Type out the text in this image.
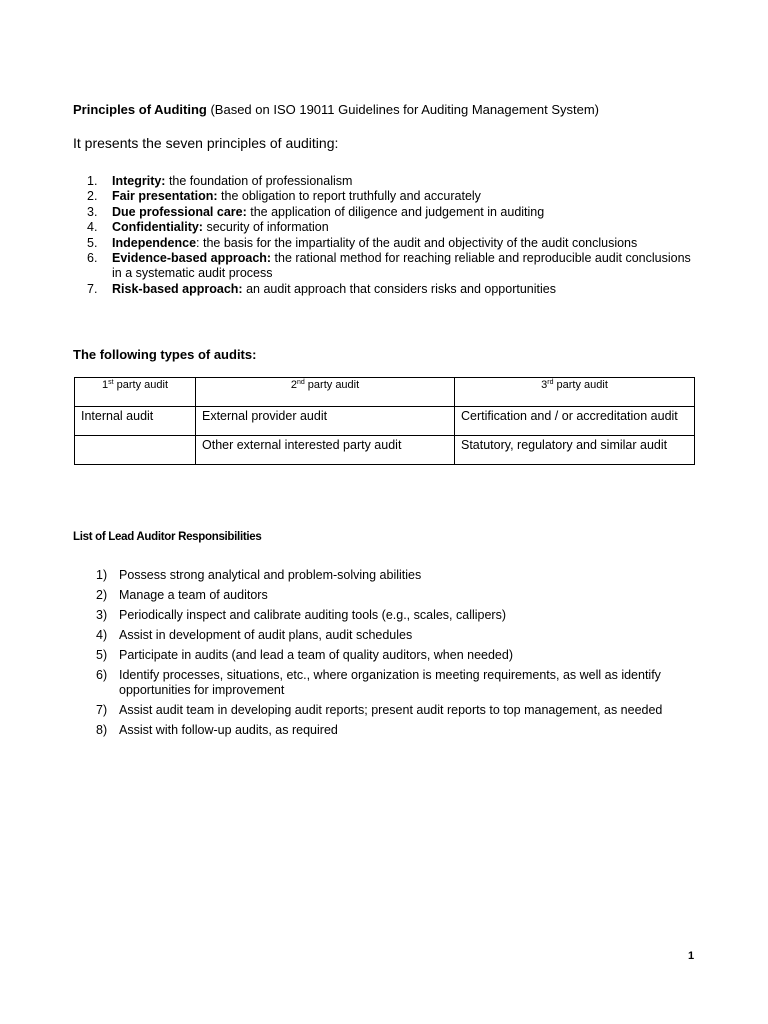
Principles of Auditing (Based on ISO 19011 Guidelines for Auditing Management System)
It presents the seven principles of auditing:
1.	Integrity: the foundation of professionalism
2.	Fair presentation: the obligation to report truthfully and accurately
3.	Due professional care: the application of diligence and judgement in auditing
4.	Confidentiality: security of information
5.	Independence: the basis for the impartiality of the audit and objectivity of the audit conclusions
6.	Evidence-based approach: the rational method for reaching reliable and reproducible audit conclusions in a systematic audit process
7.	Risk-based approach: an audit approach that considers risks and opportunities
The following types of audits:
1st party audit	2nd party audit	3rd party audit
Internal audit	External provider audit	Certification and / or accreditation audit
	Other external interested party audit	Statutory, regulatory and similar audit
List of Lead Auditor Responsibilities
1) Possess strong analytical and problem-solving abilities
2) Manage a team of auditors
3) Periodically inspect and calibrate auditing tools (e.g., scales, callipers)
4) Assist in development of audit plans, audit schedules
5) Participate in audits (and lead a team of quality auditors, when needed)
6) Identify processes, situations, etc., where organization is meeting requirements, as well as identify opportunities for improvement
7) Assist audit team in developing audit reports; present audit reports to top management, as needed
8) Assist with follow-up audits, as required
1
